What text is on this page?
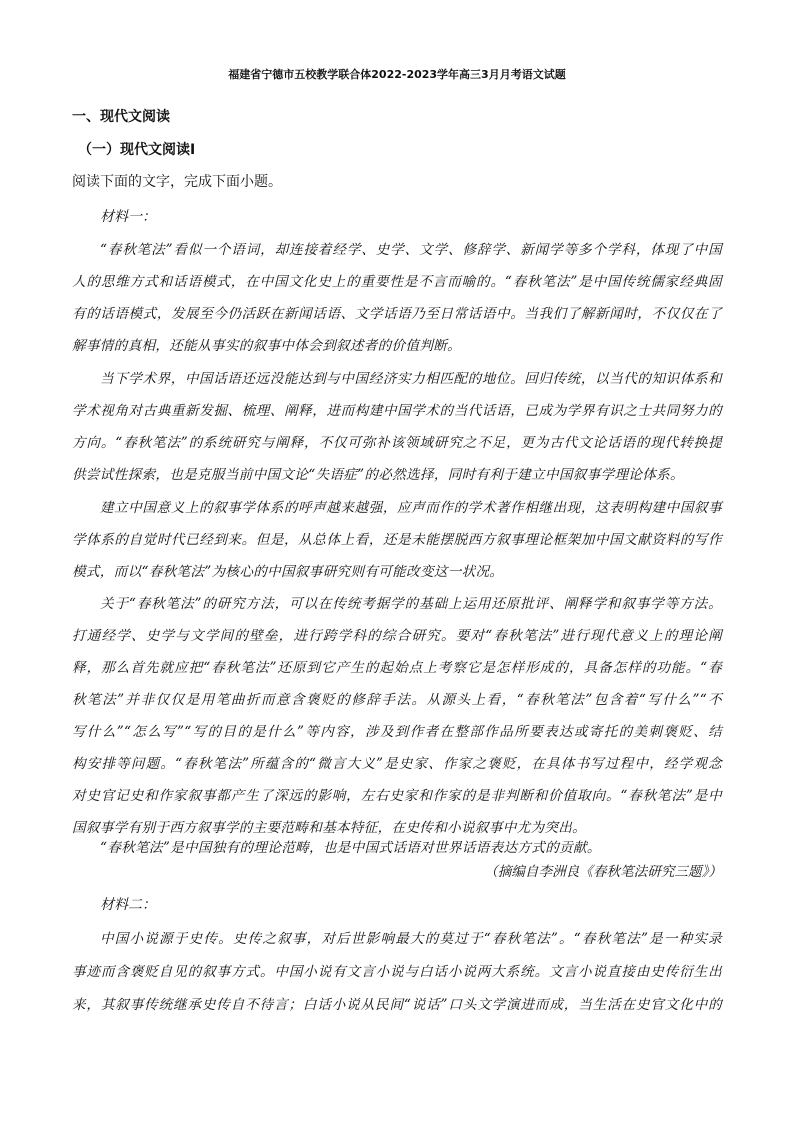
福建省宁德市五校教学联合体2022-2023学年高三3月月考语文试题
一、现代文阅读
（一）现代文阅读Ⅰ
阅读下面的文字，完成下面小题。
材料一：
“春秋笔法”看似一个语词，却连接着经学、史学、文学、修辞学、新闻学等多个学科，体现了中国
人的思维方式和话语模式，在中国文化史上的重要性是不言而喻的。“春秋笔法”是中国传统儒家经典固
有的话语模式，发展至今仍活跃在新闻话语、文学话语乃至日常话语中。当我们了解新闻时，不仅仅在了
解事情的真相，还能从事实的叙事中体会到叙述者的价值判断。
当下学术界，中国话语还远没能达到与中国经济实力相匹配的地位。回归传统，以当代的知识体系和
学术视角对古典重新发掘、梳理、阐释，进而构建中国学术的当代话语，已成为学界有识之士共同努力的
方向。“春秋笔法”的系统研究与阐释，不仅可弥补该领域研究之不足，更为古代文论话语的现代转换提
供尝试性探索，也是克服当前中国文论“失语症”的必然选择，同时有利于建立中国叙事学理论体系。
建立中国意义上的叙事学体系的呼声越来越强，应声而作的学术著作相继出现，这表明构建中国叙事
学体系的自觉时代已经到来。但是，从总体上看，还是未能摆脱西方叙事理论框架加中国文献资料的写作
模式，而以“春秋笔法”为核心的中国叙事研究则有可能改变这一状况。
关于“春秋笔法”的研究方法，可以在传统考据学的基础上运用还原批评、阐释学和叙事学等方法。
打通经学、史学与文学间的壁垒，进行跨学科的综合研究。要对“春秋笔法”进行现代意义上的理论阐
释，那么首先就应把“春秋笔法”还原到它产生的起始点上考察它是怎样形成的，具备怎样的功能。“春
秋笔法”并非仅仅是用笔曲折而意含褒贬的修辞手法。从源头上看，“春秋笔法”包含着“写什么”“不
写什么”“怎么写”“写的目的是什么”等内容，涉及到作者在整部作品所要表达或寄托的美刺褒贬、结
构安排等问题。“春秋笔法”所蕴含的“微言大义”是史家、作家之褒贬，在具体书写过程中，经学观念
对史官记史和作家叙事都产生了深远的影响，左右史家和作家的是非判断和价值取向。“春秋笔法”是中
国叙事学有别于西方叙事学的主要范畴和基本特征，在史传和小说叙事中尤为突出。
“春秋笔法”是中国独有的理论范畴，也是中国式话语对世界话语表达方式的贡献。
（摘编自李洲良《春秋笔法研究三题》）
材料二：
中国小说源于史传。史传之叙事，对后世影响最大的莫过于“春秋笔法”。“春秋笔法”是一种实录
事迹而含褒贬自见的叙事方式。中国小说有文言小说与白话小说两大系统。文言小说直接由史传衍生出
来，其叙事传统继承史传自不待言；白话小说从民间“说话”口头文学演进而成，当生活在史官文化中的
